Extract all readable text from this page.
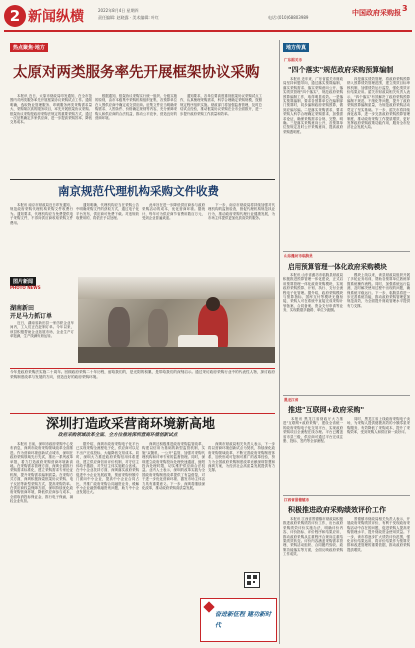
2 新闻纵横	2022年8月4日 星期四
责任编辑: 赵晓露 · 美术编辑: 叶红	电话:(010)68803989
中国政府采购报 3
热点聚焦·地方
太原对两类服务率先开展框架协议采购
　　本报讯 近日，太原市财政局印发通知，在全市范围内对两类服务率先开展框架协议采购试点工作。通知明确，选取物业管理服务、印刷服务两类采购需求量大、采购频次高的服务项目，率先开展框架协议采购。框架协议采购是政府采购法规定的重要采购方式，通过一次征集确定多家供应商，进一步提高采购效率、降低交易成本。
　　根据通知，框架协议采购实行统一组织、分级实施的原则，由市本级集中采购机构组织征集，各预算单位在入围供应商中确定成交供应商。征集文件应当明确采购需求、入围条件、价格确定规则等内容，充分保障采购人和供应商的合法权益，推动公平竞争，营造良好的营商环境。
　　通知要求，各单位要高度重视框架协议采购试点工作，认真梳理采购需求，科学合理确定采购规模，按照规定程序组织实施。财政部门将加强监督管理，及时总结试点经验，推动框架协议采购在全市全面推开，进一步提升政府采购工作质量和效率。
南京规范代理机构采购文件收费
　　本报讯 南京市财政局近日印发通知，规范政府采购代理机构采购文件收费行为。通知要求，代理机构应当免费提供电子采购文件，不得向供应商收取采购文件费用。
　　通知明确，代理机构应当在采购公告中明确采购文件的获取方式，通过电子化平台发布，供应商可免费下载。对违规收取费用的，将依法予以处理。
　　此举旨在进一步降低供应商参与政府采购活动的成本，优化营商环境。据统计，每年可为供应商节省费用数百万元，受到企业普遍欢迎。
　　下一步，南京市财政局将持续加强对代理机构的监督检查，督促代理机构规范执业行为，推动政府采购代理行业健康发展，为市场主体提供更加优质高效的服务。
图片新闻
PHOTO NEWS
湖南新田
开足马力抓订单
　　近日，湖南省新田县一家纺织企业车间内，工人们正在赶制订单。今年以来，该县积极帮助企业拓展市场，企业生产订单饱满，生产线满负荷运转。
今年是政府采购法实施二十周年。回顾政府采购二十年历程，留给我们的，是光阴的积累，是带给我们的深刻启示。通过采访政府采购行业中的代表性人物，探讨政府采购制度改革与发展的方向，营造良好的政府采购环境。
深圳打造政采营商环境新高地
政府采购领域改革全面、全方位推进深圳营商环境创新试点
　　本报讯 日前，深圳市政府采购中心发布消息，深圳市政府采购领域改革全面推进。作为营商环境创新试点城市，深圳在政府采购领域先行先试，推出一系列改革举措，着力打造政府采购营商环境新高地。在采购需求管理方面，深圳全面推行采购需求标准化，建立采购需求专家论证机制，提升采购需求编制质量。在采购方式方面，深圳积极探索框架协议采购、电子反拍等新型采购方式，提高采购效率。在供应商权益保障方面，深圳持续优化政府采购营商环境，降低供应商参与成本，全面取消投标保证金，推行电子保函，减轻企业负担。
　　据介绍，深圳市政府采购电子化平台已实现采购全流程电子化，供应商可以足不出户完成投标，大幅降低交易成本。同时，深圳大力推进政府采购信用体系建设，建立供应商信用评价机制，对守信主体给予激励，对失信主体实施联合惩戒。在中小企业扶持方面，深圳落实政府采购促进中小企业发展政策，预留采购份额专门面向中小企业，提高中小企业合同占比，并推广政府采购合同融资业务，缓解中小企业融资难融资贵问题，助力中小企业发展壮大。
　　深圳还积极推进政府采购监管改革，构建以信用为基础的新型监管机制，实施"双随机、一公开"监管，加强对采购代理机构和评审专家的监督管理。同时，深圳建立政府采购投诉处理快速通道，缩短投诉处理时限，切实维护供应商合法权益。业内人士表示，深圳的改革实践为全国政府采购制度改革提供了有益借鉴，对于进一步优化营商环境、激发市场主体活力具有重要意义。下一步，深圳将继续深化改革，推动政府采购高质量发展。
　　深圳市财政局相关负责人表示，下一步将以营商环境创新试点为契机，持续深化政府采购领域改革，不断完善政府采购制度体系，加快形成可复制可推广的改革经验，努力为全国政府采购制度改革贡献深圳智慧和深圳方案，为经济社会高质量发展提供有力支撑。
奋进新征程 建功新时代
地方传真
广东韶关市
"四个落实"规范政府采购预算编制
　　本报讯 近年来，广东省韶关市财政局坚持问题导向，通过落实预算编制、落实采购需求、落实采购意向公开、落实绩效管理"四个落实"，规范政府采购预算编制工作，取得明显成效。一是落实预算编制，要求各预算单位在编制部门预算时，同步编制政府采购预算，做到应编尽编。二是落实采购需求，要求采购人科学合理确定采购需求，加强需求论证，确保采购需求合规、完整、明确。三是落实采购意向公开，各预算单位按规定及时公开采购意向，提高政府采购透明度。
　　四是落实绩效管理，将政府采购预算纳入预算绩效管理范围，建立绩效目标审核机制，加强绩效运行监控，强化绩效评价结果应用。韶关市财政局相关负责人表示，"四个落实"有效解决了政府采购预算编制不规范、不细化等问题，提升了政府采购预算编制质量，为规范政府采购活动奠定了坚实基础。下一步，韶关市将持续深化改革，进一步完善政府采购预算管理制度，推动政府采购工作提质增效，更好发挥政府采购政策功能作用，服务全市经济社会发展大局。
山东潍坊市临朐县
启用预算管理一体化政府采购模块
　　本报讯 山东省潍坊市临朐县财政局积极推进预算管理一体化建设，正式启用预算管理一体化政府采购模块，实现政府采购预算、计划、执行、支付全流程电子化管理。据介绍，政府采购模块与预算指标、国库支付等模块无缝衔接，采购人可在系统中直接完成采购计划备案、合同备案、资金支付申请等业务，实现数据多跑路、单位少跑腿。
　　模块上线以来，该县财政局组织开展了多轮业务培训，帮助各预算单位熟练掌握系统操作流程。同时，加强系统运行监测，及时解决使用过程中出现的问题，确保系统平稳运行。下一步，临朐县将进一步完善系统功能，推动政府采购管理更加规范高效，为全面提升财政管理水平提供有力支撑。
黑龙江省
推进"互联网+政府采购"
　　本报讯 黑龙江省财政厅大力推进"互联网+政府采购"，建设全省统一的政府采购电子化交易平台，实现政府采购项目全流程在线办理。平台已覆盖省市县三级，供应商可通过平台完成注册、投标、签约等全部流程。
　　同时，黑龙江省上线政府采购电子卖场，为采购人提供便捷高效的小额零星采购服务，有效降低了采购成本，提升了采购效率，受到采购人和供应商一致好评。
江西省景德镇市
积极推进政府采购绩效评价工作
　　本报讯 江西省景德镇市财政局积极推进政府采购绩效评价工作，出台政府采购绩效评价实施办法，明确评价内容、评价指标、评价程序和结果应用，推动政府采购从注重程序合规向注重结果绩效转变。评价内容涵盖采购需求管理、采购活动组织、合同履约验收、政策功能落实等方面，全面反映政府采购工作成效。
　　景德镇市财政局相关负责人表示，开展政府采购绩效评价，有利于发现政府采购活动中存在的问题，促进采购人提高采购管理水平，提升财政资金使用效益。下一步，该市将逐步扩大绩效评价范围，强化评价结果运用，将评价结果作为预算安排和改进管理的重要依据，推动政府采购提质增效。
